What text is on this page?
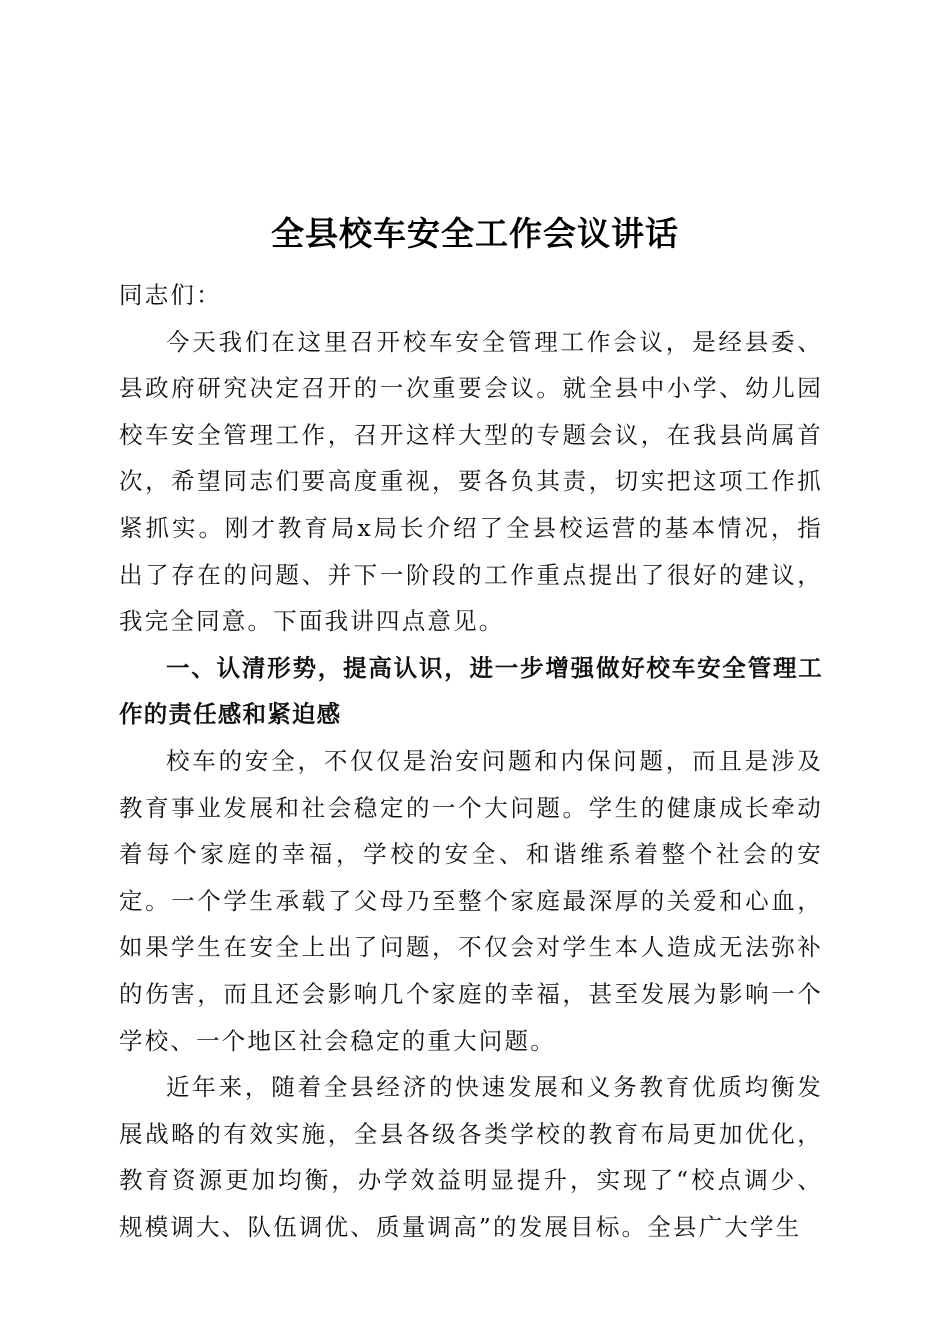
全县校车安全工作会议讲话

同志们：

今天我们在这里召开校车安全管理工作会议，是经县委、县政府研究决定召开的一次重要会议。就全县中小学、幼儿园校车安全管理工作，召开这样大型的专题会议，在我县尚属首次，希望同志们要高度重视，要各负其责，切实把这项工作抓紧抓实。刚才教育局x局长介绍了全县校运营的基本情况，指出了存在的问题、并下一阶段的工作重点提出了很好的建议，我完全同意。下面我讲四点意见。

一、认清形势，提高认识，进一步增强做好校车安全管理工作的责任感和紧迫感

校车的安全，不仅仅是治安问题和内保问题，而且是涉及教育事业发展和社会稳定的一个大问题。学生的健康成长牵动着每个家庭的幸福，学校的安全、和谐维系着整个社会的安定。一个学生承载了父母乃至整个家庭最深厚的关爱和心血，如果学生在安全上出了问题，不仅会对学生本人造成无法弥补的伤害，而且还会影响几个家庭的幸福，甚至发展为影响一个学校、一个地区社会稳定的重大问题。

近年来，随着全县经济的快速发展和义务教育优质均衡发展战略的有效实施，全县各级各类学校的教育布局更加优化，教育资源更加均衡，办学效益明显提升，实现了“校点调少、规模调大、队伍调优、质量调高”的发展目标。全县广大学生
